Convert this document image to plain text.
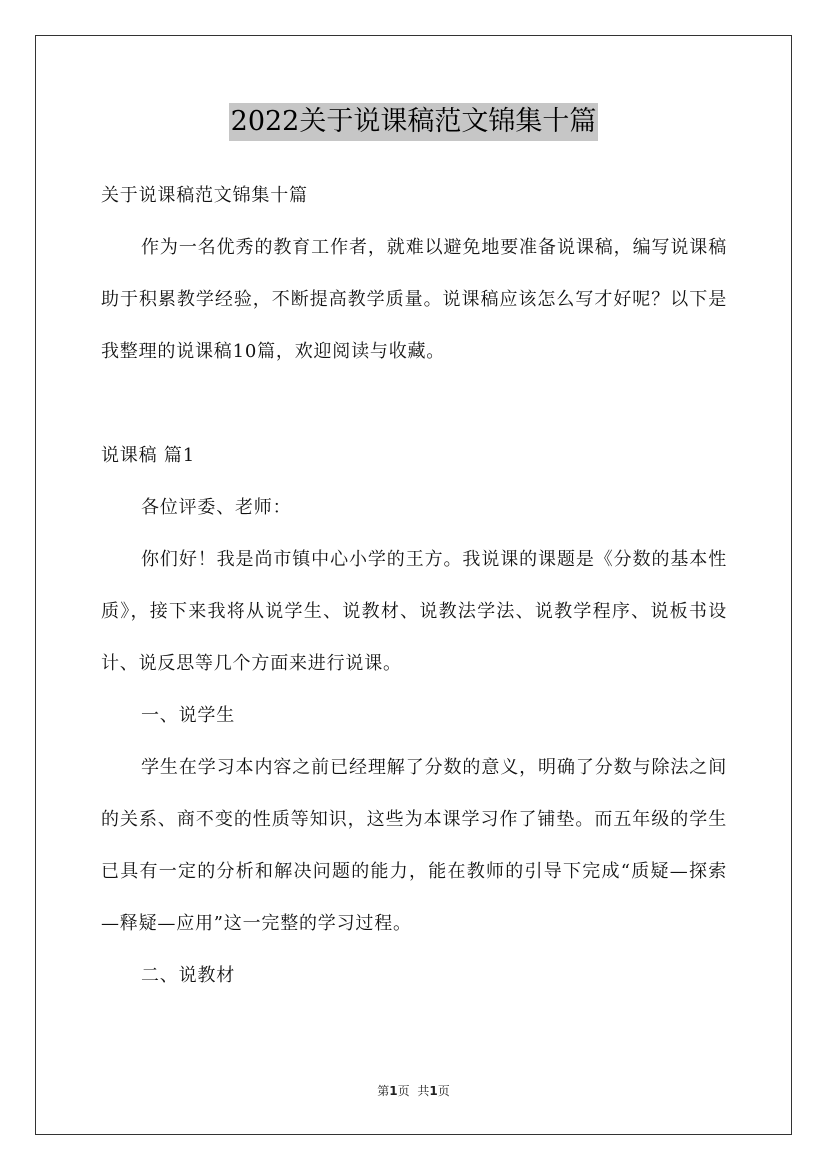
2022关于说课稿范文锦集十篇

关于说课稿范文锦集十篇

作为一名优秀的教育工作者，就难以避免地要准备说课稿，编写说课稿助于积累教学经验，不断提高教学质量。说课稿应该怎么写才好呢？以下是我整理的说课稿10篇，欢迎阅读与收藏。

说课稿 篇1

各位评委、老师：

你们好！我是尚市镇中心小学的王方。我说课的课题是《分数的基本性质》，接下来我将从说学生、说教材、说教法学法、说教学程序、说板书设计、说反思等几个方面来进行说课。

一、说学生

学生在学习本内容之前已经理解了分数的意义，明确了分数与除法之间的关系、商不变的性质等知识，这些为本课学习作了铺垫。而五年级的学生已具有一定的分析和解决问题的能力，能在教师的引导下完成“质疑—探索—释疑—应用”这一完整的学习过程。

二、说教材

第1页 共1页
